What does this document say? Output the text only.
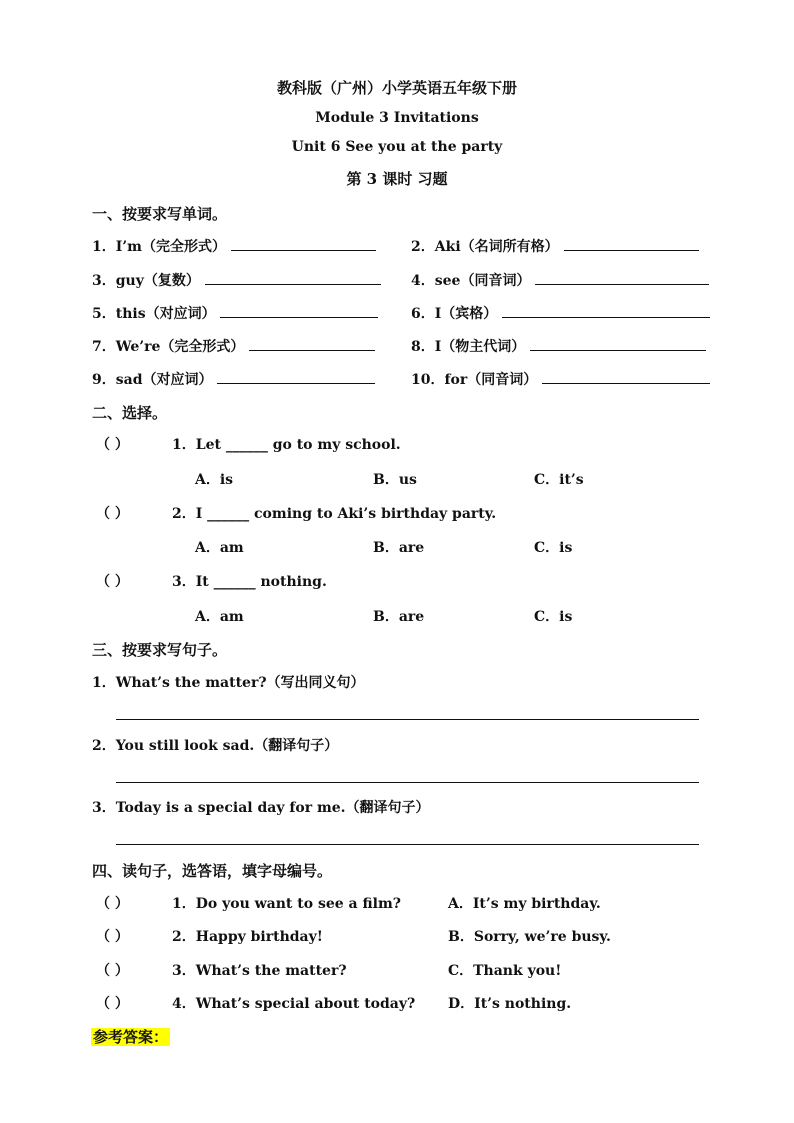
教科版（广州）小学英语五年级下册
Module 3 Invitations
Unit 6 See you at the party
第 3 课时 习题
一、按要求写单词。
1．I’m（完全形式）	2．Aki（名词所有格）
3．guy（复数）	4．see（同音词）
5．this（对应词）	6．I（宾格）
7．We’re（完全形式）	8．I（物主代词）
9．sad（对应词）	10．for（同音词）
二、选择。
（ ）	1．Let ______ go to my school.
A．is	B．us	C．it’s
（ ）	2．I ______ coming to Aki’s birthday party.
A．am	B．are	C．is
（ ）	3．It ______ nothing.
A．am	B．are	C．is
三、按要求写句子。
1．What’s the matter?（写出同义句）
2．You still look sad.（翻译句子）
3．Today is a special day for me.（翻译句子）
四、读句子，选答语，填字母编号。
（ ）	1．Do you want to see a film?	A．It’s my birthday.
（ ）	2．Happy birthday!	B．Sorry, we’re busy.
（ ）	3．What’s the matter?	C．Thank you!
（ ）	4．What’s special about today? D．It’s nothing.
参考答案：
